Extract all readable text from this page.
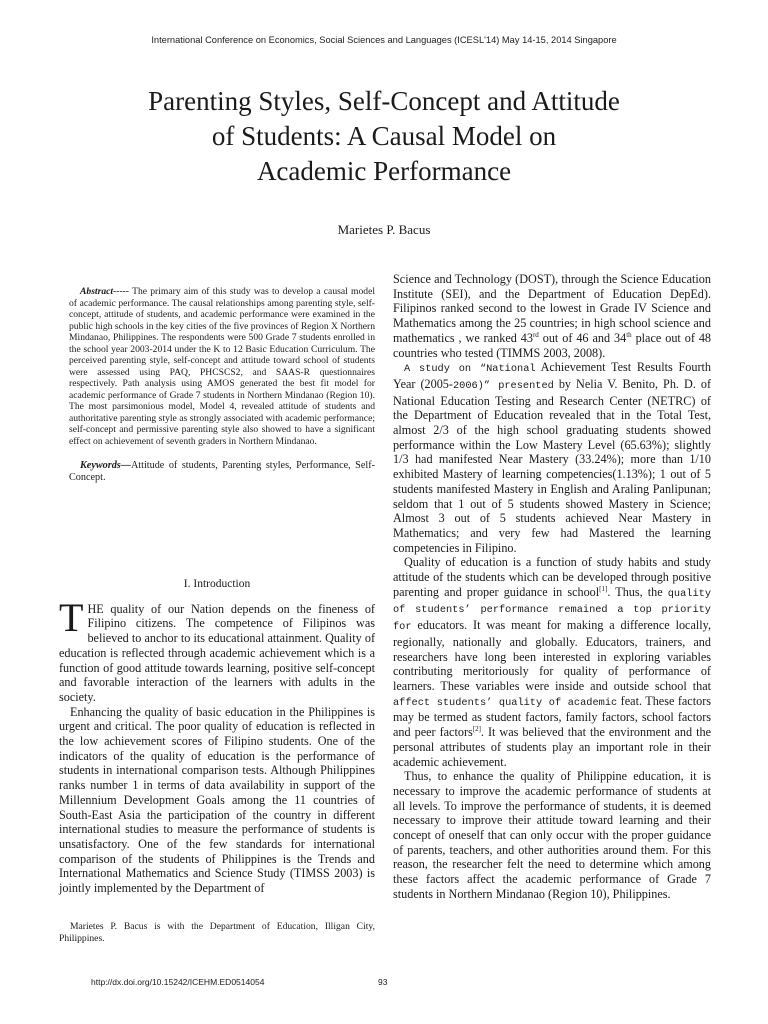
International Conference on Economics, Social Sciences and Languages (ICESL'14) May 14-15, 2014 Singapore
Parenting Styles, Self-Concept and Attitude
of Students: A Causal Model on
Academic Performance
Marietes P. Bacus

Abstract----- The primary aim of this study was to develop a causal model of academic performance. The causal relationships among parenting style, self-concept, attitude of students, and academic performance were examined in the public high schools in the key cities of the five provinces of Region X Northern Mindanao, Philippines. The respondents were 500 Grade 7 students enrolled in the school year 2003-2014 under the K to 12 Basic Education Curriculum. The perceived parenting style, self-concept and attitude toward school of students were assessed using PAQ, PHCSCS2, and SAAS-R questionnaires respectively. Path analysis using AMOS generated the best fit model for academic performance of Grade 7 students in Northern Mindanao (Region 10). The most parsimonious model, Model 4, revealed attitude of students and authoritative parenting style as strongly associated with academic performance; self-concept and permissive parenting style also showed to have a significant effect on achievement of seventh graders in Northern Mindanao.

Keywords—Attitude of students, Parenting styles, Performance, Self- Concept.

I. Introduction

THE quality of our Nation depends on the fineness of Filipino citizens. The competence of Filipinos was believed to anchor to its educational attainment. Quality of education is reflected through academic achievement which is a function of good attitude towards learning, positive self-concept and favorable interaction of the learners with adults in the society.

Enhancing the quality of basic education in the Philippines is urgent and critical. The poor quality of education is reflected in the low achievement scores of Filipino students. One of the indicators of the quality of education is the performance of students in international comparison tests. Although Philippines ranks number 1 in terms of data availability in support of the Millennium Development Goals among the 11 countries of South-East Asia the participation of the country in different international studies to measure the performance of students is unsatisfactory. One of the few standards for international comparison of the students of Philippines is the Trends and International Mathematics and Science Study (TIMSS 2003) is jointly implemented by the Department of

Marietes P. Bacus is with the Department of Education, Illigan City, Philippines.

Science and Technology (DOST), through the Science Education Institute (SEI), and the Department of Education DepEd). Filipinos ranked second to the lowest in Grade IV Science and Mathematics among the 25 countries; in high school science and mathematics , we ranked 43rd out of 46 and 34th place out of 48 countries who tested (TIMMS 2003, 2008).

A study on “National Achievement Test Results Fourth Year (2005-2006)” presented by Nelia V. Benito, Ph. D. of National Education Testing and Research Center (NETRC) of the Department of Education revealed that in the Total Test, almost 2/3 of the high school graduating students showed performance within the Low Mastery Level (65.63%); slightly 1/3 had manifested Near Mastery (33.24%); more than 1/10 exhibited Mastery of learning competencies(1.13%); 1 out of 5 students manifested Mastery in English and Araling Panlipunan; seldom that 1 out of 5 students showed Mastery in Science; Almost 3 out of 5 students achieved Near Mastery in Mathematics; and very few had Mastered the learning competencies in Filipino.

Quality of education is a function of study habits and study attitude of the students which can be developed through positive parenting and proper guidance in school[1]. Thus, the quality of students’ performance remained a top priority for educators. It was meant for making a difference locally, regionally, nationally and globally. Educators, trainers, and researchers have long been interested in exploring variables contributing meritoriously for quality of performance of learners. These variables were inside and outside school that affect students’ quality of academic feat. These factors may be termed as student factors, family factors, school factors and peer factors[2]. It was believed that the environment and the personal attributes of students play an important role in their academic achievement.

Thus, to enhance the quality of Philippine education, it is necessary to improve the academic performance of students at all levels. To improve the performance of students, it is deemed necessary to improve their attitude toward learning and their concept of oneself that can only occur with the proper guidance of parents, teachers, and other authorities around them. For this reason, the researcher felt the need to determine which among these factors affect the academic performance of Grade 7 students in Northern Mindanao (Region 10), Philippines.

http://dx.doi.org/10.15242/ICEHM.ED0514054	93
